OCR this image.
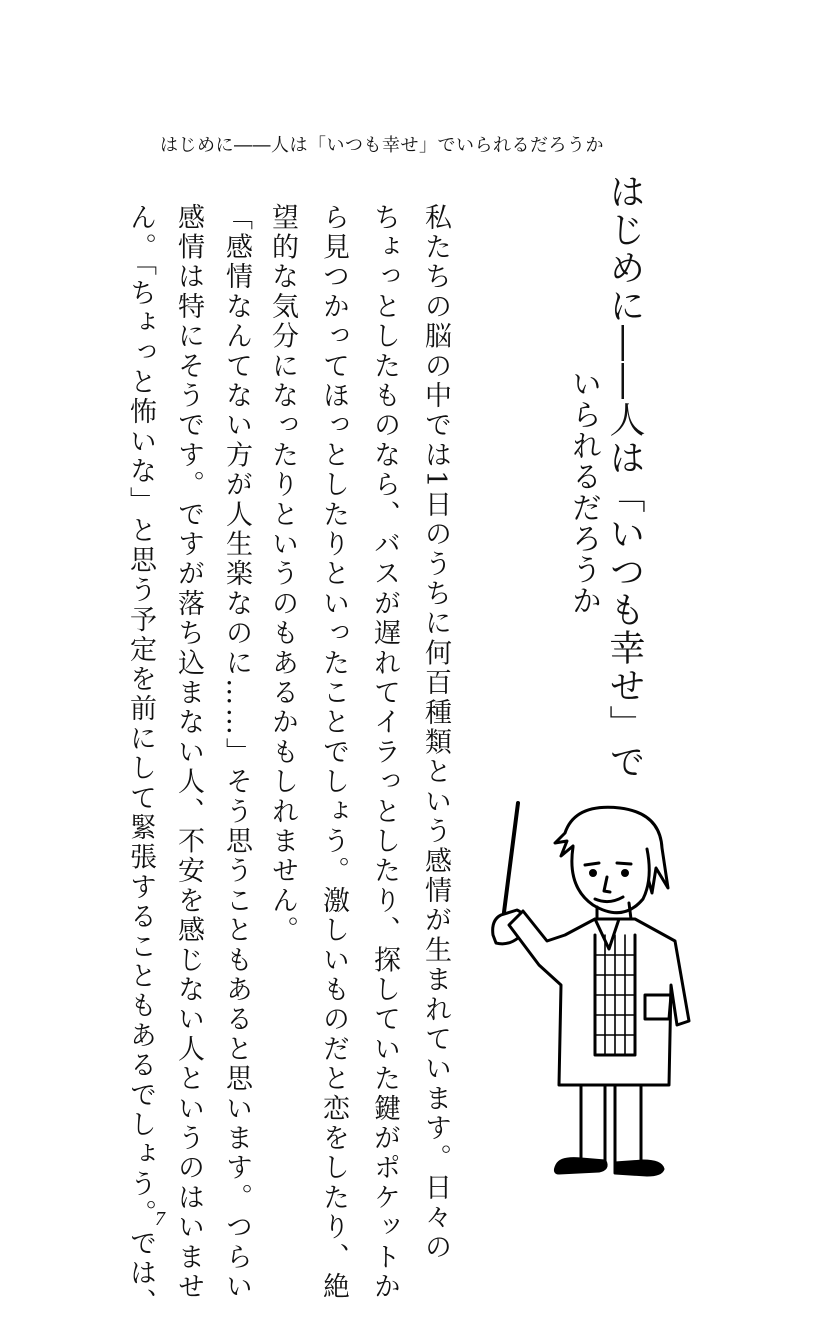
はじめに――人は「いつも幸せ」でいられるだろうか
はじめに――人は「いつも幸せ」で
いられるだろうか
私たちの脳の中では1日のうちに何百種類という感情が生まれています。日々の
ちょっとしたものなら、バスが遅れてイラっとしたり、探していた鍵がポケットか
ら見つかってほっとしたりといったことでしょう。激しいものだと恋をしたり、絶
望的な気分になったりというのもあるかもしれません。
「感情なんてない方が人生楽なのに……」そう思うこともあると思います。つらい
感情は特にそうです。ですが落ち込まない人、不安を感じない人というのはいませ
ん。「ちょっと怖いな」と思う予定を前にして緊張することもあるでしょう。では、 7
